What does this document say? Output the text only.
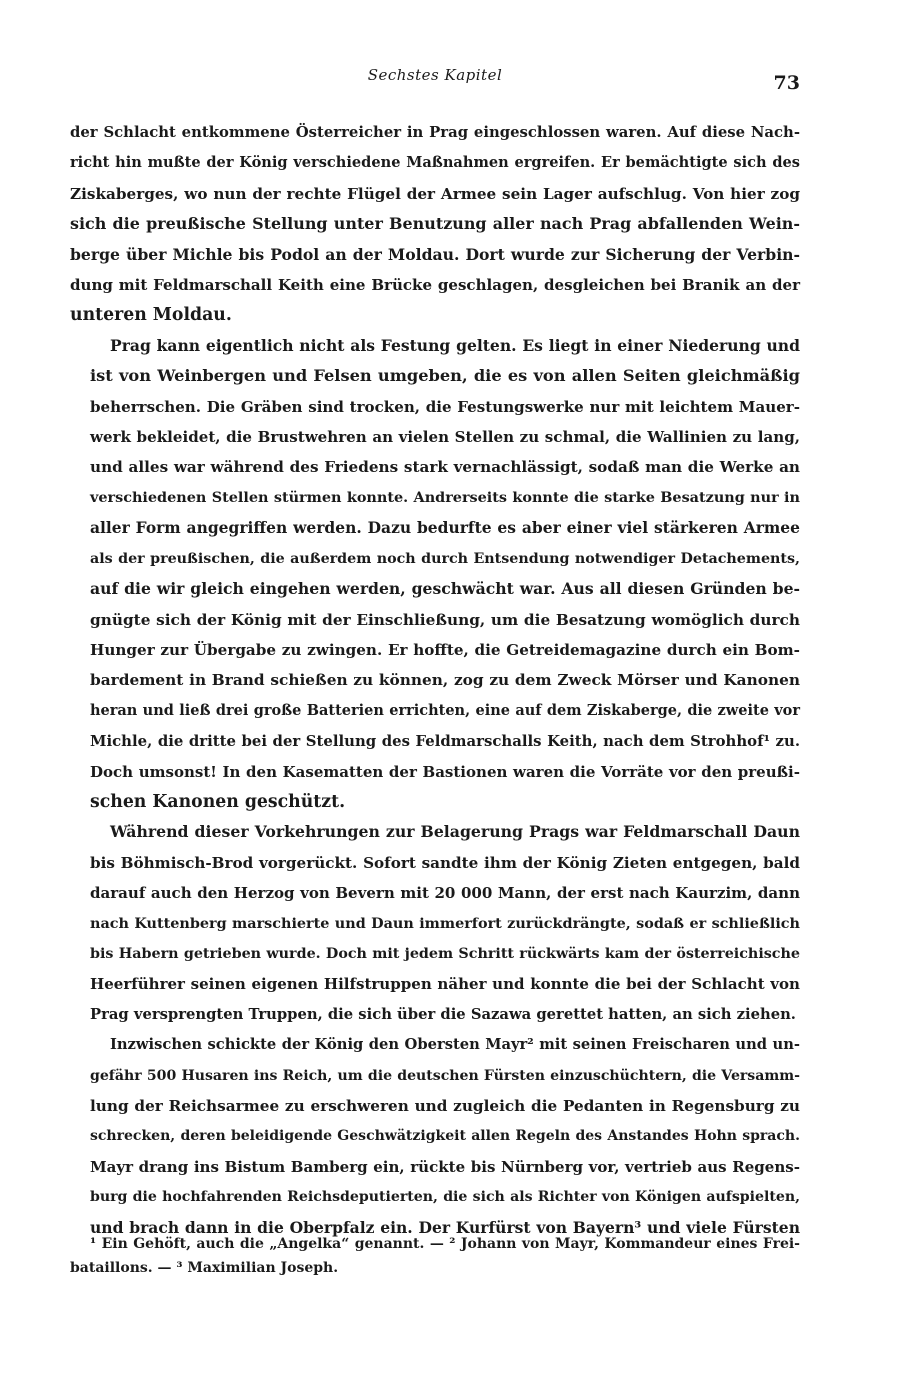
Sechstes Kapitel	73

der Schlacht entkommene Österreicher in Prag eingeschlossen waren. Auf diese Nach-
richt hin mußte der König verschiedene Maßnahmen ergreifen. Er bemächtigte sich des
Ziskaberges, wo nun der rechte Flügel der Armee sein Lager aufschlug. Von hier zog
sich die preußische Stellung unter Benutzung aller nach Prag abfallenden Wein-
berge über Michle bis Podol an der Moldau. Dort wurde zur Sicherung der Verbin-
dung mit Feldmarschall Keith eine Brücke geschlagen, desgleichen bei Branik an der
unteren Moldau.

Prag kann eigentlich nicht als Festung gelten. Es liegt in einer Niederung und
ist von Weinbergen und Felsen umgeben, die es von allen Seiten gleichmäßig
beherrschen. Die Gräben sind trocken, die Festungswerke nur mit leichtem Mauer-
werk bekleidet, die Brustwehren an vielen Stellen zu schmal, die Wallinien zu lang,
und alles war während des Friedens stark vernachlässigt, sodaß man die Werke an
verschiedenen Stellen stürmen konnte. Andrerseits konnte die starke Besatzung nur in
aller Form angegriffen werden. Dazu bedurfte es aber einer viel stärkeren Armee
als der preußischen, die außerdem noch durch Entsendung notwendiger Detachements,
auf die wir gleich eingehen werden, geschwächt war. Aus all diesen Gründen be-
gnügte sich der König mit der Einschließung, um die Besatzung womöglich durch
Hunger zur Übergabe zu zwingen. Er hoffte, die Getreidemagazine durch ein Bom-
bardement in Brand schießen zu können, zog zu dem Zweck Mörser und Kanonen
heran und ließ drei große Batterien errichten, eine auf dem Ziskaberge, die zweite vor
Michle, die dritte bei der Stellung des Feldmarschalls Keith, nach dem Strohhof¹ zu.
Doch umsonst! In den Kasematten der Bastionen waren die Vorräte vor den preußi-
schen Kanonen geschützt.

Während dieser Vorkehrungen zur Belagerung Prags war Feldmarschall Daun
bis Böhmisch-Brod vorgerückt. Sofort sandte ihm der König Zieten entgegen, bald
darauf auch den Herzog von Bevern mit 20 000 Mann, der erst nach Kaurzim, dann
nach Kuttenberg marschierte und Daun immerfort zurückdrängte, sodaß er schließlich
bis Habern getrieben wurde. Doch mit jedem Schritt rückwärts kam der österreichische
Heerführer seinen eigenen Hilfstruppen näher und konnte die bei der Schlacht von
Prag versprengten Truppen, die sich über die Sazawa gerettet hatten, an sich ziehen.

Inzwischen schickte der König den Obersten Mayr² mit seinen Freischaren und un-
gefähr 500 Husaren ins Reich, um die deutschen Fürsten einzuschüchtern, die Versamm-
lung der Reichsarmee zu erschweren und zugleich die Pedanten in Regensburg zu
schrecken, deren beleidigende Geschwätzigkeit allen Regeln des Anstandes Hohn sprach.
Mayr drang ins Bistum Bamberg ein, rückte bis Nürnberg vor, vertrieb aus Regens-
burg die hochfahrenden Reichsdeputierten, die sich als Richter von Königen aufspielten,
und brach dann in die Oberpfalz ein. Der Kurfürst von Bayern³ und viele Fürsten

¹ Ein Gehöft, auch die „Angelka“ genannt. — ² Johann von Mayr, Kommandeur eines Frei-
bataillons. — ³ Maximilian Joseph.
